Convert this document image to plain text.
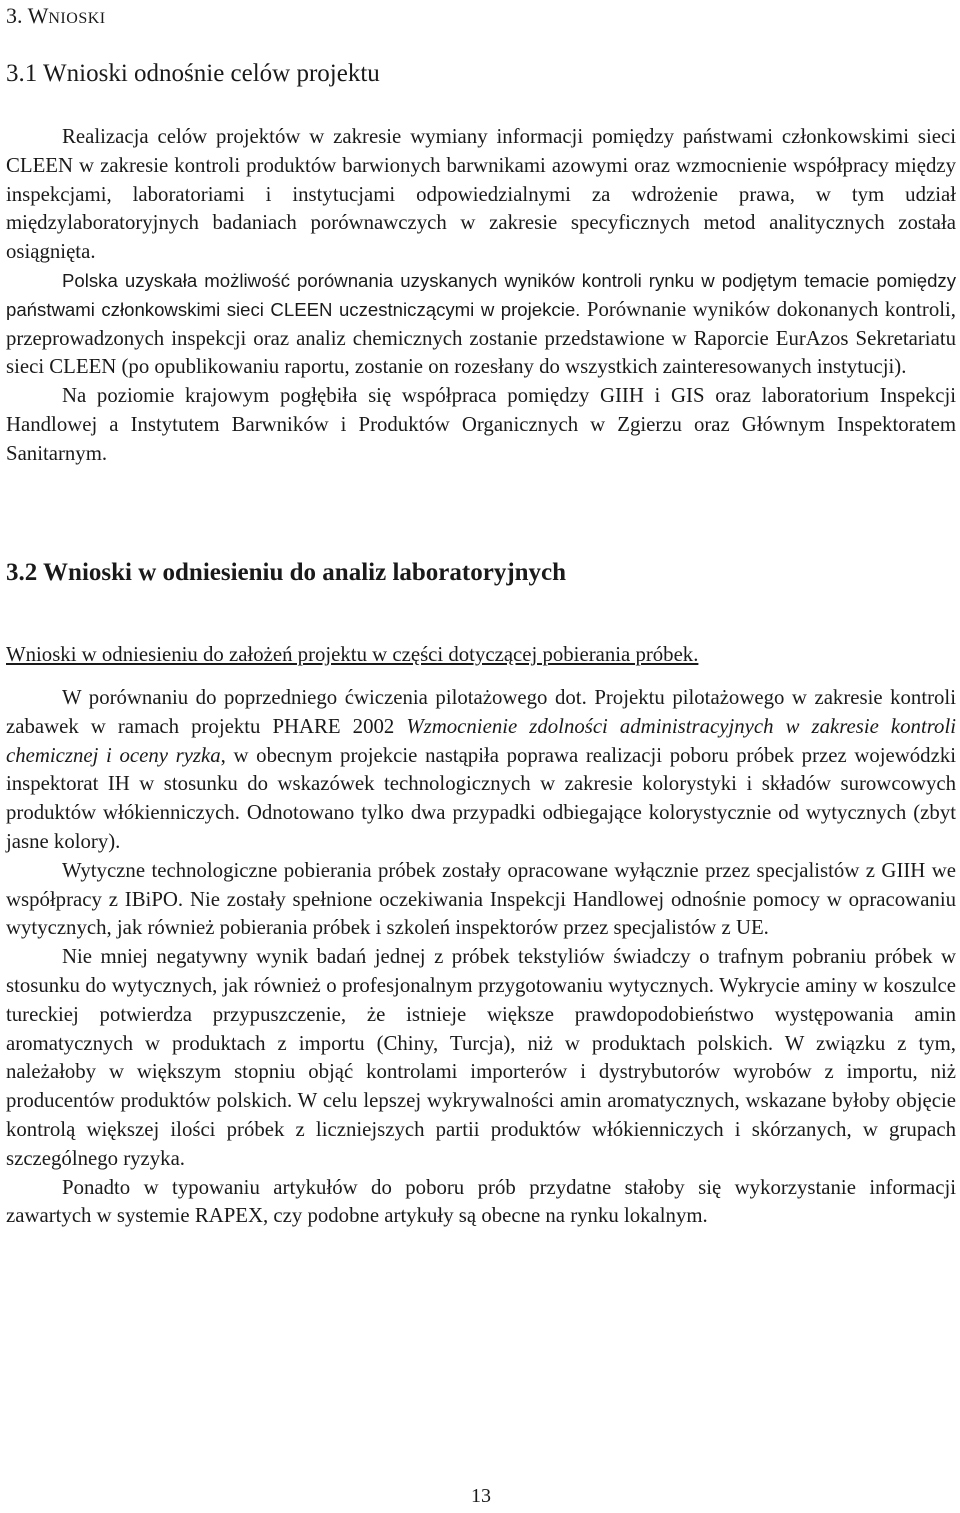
3. WNIOSKI
3.1 Wnioski odnośnie celów projektu

Realizacja celów projektów w zakresie wymiany informacji pomiędzy państwami członkowskimi sieci CLEEN w zakresie kontroli produktów barwionych barwnikami azowymi oraz wzmocnienie współpracy między inspekcjami, laboratoriami i instytucjami odpowiedzialnymi za wdrożenie prawa, w tym udział międzylaboratoryjnych badaniach porównawczych w zakresie specyficznych metod analitycznych została osiągnięta.

Polska uzyskała możliwość porównania uzyskanych wyników kontroli rynku w podjętym temacie pomiędzy państwami członkowskimi sieci CLEEN uczestniczącymi w projekcie. Porównanie wyników dokonanych kontroli, przeprowadzonych inspekcji oraz analiz chemicznych zostanie przedstawione w Raporcie EurAzos Sekretariatu sieci CLEEN (po opublikowaniu raportu, zostanie on rozesłany do wszystkich zainteresowanych instytucji).

Na poziomie krajowym pogłębiła się współpraca pomiędzy GIIH i GIS oraz laboratorium Inspekcji Handlowej a Instytutem Barwników i Produktów Organicznych w Zgierzu oraz Głównym Inspektoratem Sanitarnym.

3.2 Wnioski w odniesieniu do analiz laboratoryjnych

Wnioski w odniesieniu do założeń projektu w części dotyczącej pobierania próbek.

W porównaniu do poprzedniego ćwiczenia pilotażowego dot. Projektu pilotażowego w zakresie kontroli zabawek w ramach projektu PHARE 2002 Wzmocnienie zdolności administracyjnych w zakresie kontroli chemicznej i oceny ryzka, w obecnym projekcie nastąpiła poprawa realizacji poboru próbek przez wojewódzki inspektorat IH w stosunku do wskazówek technologicznych w zakresie kolorystyki i składów surowcowych produktów włókienniczych. Odnotowano tylko dwa przypadki odbiegające kolorystycznie od wytycznych (zbyt jasne kolory).

Wytyczne technologiczne pobierania próbek zostały opracowane wyłącznie przez specjalistów z GIIH we współpracy z IBiPO. Nie zostały spełnione oczekiwania Inspekcji Handlowej odnośnie pomocy w opracowaniu wytycznych, jak również pobierania próbek i szkoleń inspektorów przez specjalistów z UE.

Nie mniej negatywny wynik badań jednej z próbek tekstyliów świadczy o trafnym pobraniu próbek w stosunku do wytycznych, jak również o profesjonalnym przygotowaniu wytycznych. Wykrycie aminy w koszulce tureckiej potwierdza przypuszczenie, że istnieje większe prawdopodobieństwo występowania amin aromatycznych w produktach z importu (Chiny, Turcja), niż w produktach polskich. W związku z tym, należałoby w większym stopniu objąć kontrolami importerów i dystrybutorów wyrobów z importu, niż producentów produktów polskich. W celu lepszej wykrywalności amin aromatycznych, wskazane byłoby objęcie kontrolą większej ilości próbek z liczniejszych partii produktów włókienniczych i skórzanych, w grupach szczególnego ryzyka.

Ponadto w typowaniu artykułów do poboru prób przydatne stałoby się wykorzystanie informacji zawartych w systemie RAPEX, czy podobne artykuły są obecne na rynku lokalnym.

13
